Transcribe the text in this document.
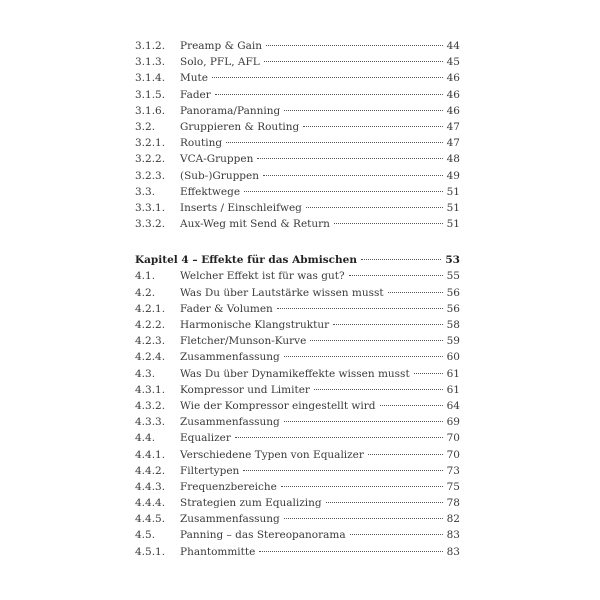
3.1.2. Preamp & Gain	44
3.1.3. Solo, PFL, AFL	45
3.1.4. Mute	46
3.1.5. Fader	46
3.1.6. Panorama/Panning	46
3.2. Gruppieren & Routing	47
3.2.1. Routing	47
3.2.2. VCA-Gruppen	48
3.2.3. (Sub-)Gruppen	49
3.3. Effektwege	51
3.3.1. Inserts / Einschleifweg	51
3.3.2. Aux-Weg mit Send & Return	51
Kapitel 4 – Effekte für das Abmischen	53
4.1. Welcher Effekt ist für was gut?	55
4.2. Was Du über Lautstärke wissen musst	56
4.2.1. Fader & Volumen	56
4.2.2. Harmonische Klangstruktur	58
4.2.3. Fletcher/Munson-Kurve	59
4.2.4. Zusammenfassung	60
4.3. Was Du über Dynamikeffekte wissen musst	61
4.3.1. Kompressor und Limiter	61
4.3.2. Wie der Kompressor eingestellt wird	64
4.3.3. Zusammenfassung	69
4.4. Equalizer	70
4.4.1. Verschiedene Typen von Equalizer	70
4.4.2. Filtertypen	73
4.4.3. Frequenzbereiche	75
4.4.4. Strategien zum Equalizing	78
4.4.5. Zusammenfassung	82
4.5. Panning – das Stereopanorama	83
4.5.1. Phantommitte	83
